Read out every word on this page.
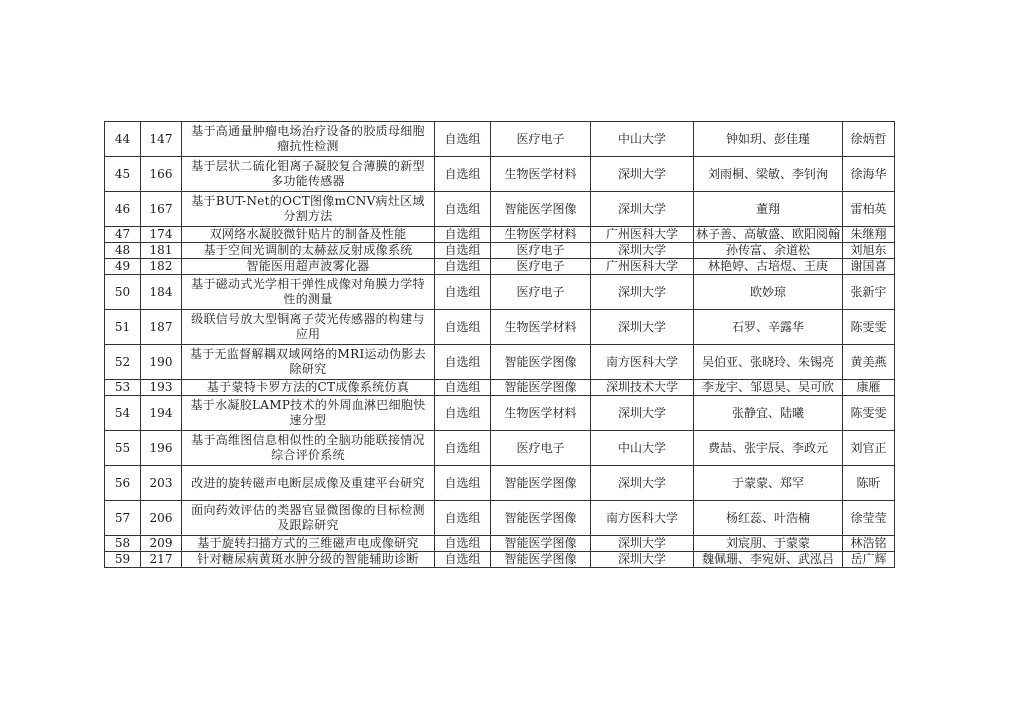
44	147	基于高通量肿瘤电场治疗设备的胶质母细胞瘤抗性检测	自选组	医疗电子	中山大学	钟如玥、彭佳瑾	徐炳哲
45	166	基于层状二硫化钼离子凝胶复合薄膜的新型多功能传感器	自选组	生物医学材料	深圳大学	刘雨桐、梁敏、李钊洵	徐海华
46	167	基于BUT-Net的OCT图像mCNV病灶区域分割方法	自选组	智能医学图像	深圳大学	董翔	雷柏英
47	174	双网络水凝胶微针贴片的制备及性能	自选组	生物医学材料	广州医科大学	林子善、高敏盛、欧阳阅翰	朱继翔
48	181	基于空间光调制的太赫兹反射成像系统	自选组	医疗电子	深圳大学	孙传富、余道松	刘旭东
49	182	智能医用超声波雾化器	自选组	医疗电子	广州医科大学	林艳婷、古培煜、王庚	谢国喜
50	184	基于磁动式光学相干弹性成像对角膜力学特性的测量	自选组	医疗电子	深圳大学	欧妙琼	张新宇
51	187	级联信号放大型铜离子荧光传感器的构建与应用	自选组	生物医学材料	深圳大学	石罗、辛露华	陈雯雯
52	190	基于无监督解耦双域网络的MRI运动伪影去除研究	自选组	智能医学图像	南方医科大学	吴伯亚、张晓玲、朱锡亮	黄美燕
53	193	基于蒙特卡罗方法的CT成像系统仿真	自选组	智能医学图像	深圳技术大学	李龙宇、邹恩昊、吴可欣	康雁
54	194	基于水凝胶LAMP技术的外周血淋巴细胞快速分型	自选组	生物医学材料	深圳大学	张静宜、陆曦	陈雯雯
55	196	基于高维图信息相似性的全脑功能联接情况综合评价系统	自选组	医疗电子	中山大学	费喆、张宇辰、李政元	刘官正
56	203	改进的旋转磁声电断层成像及重建平台研究	自选组	智能医学图像	深圳大学	于蒙蒙、郑罕	陈昕
57	206	面向药效评估的类器官显微图像的目标检测及跟踪研究	自选组	智能医学图像	南方医科大学	杨红蕊、叶浩楠	徐莹莹
58	209	基于旋转扫描方式的三维磁声电成像研究	自选组	智能医学图像	深圳大学	刘宸朋、于蒙蒙	林浩铭
59	217	针对糖尿病黄斑水肿分级的智能辅助诊断	自选组	智能医学图像	深圳大学	魏佩珊、李宛妍、武泓吕	岳广辉
